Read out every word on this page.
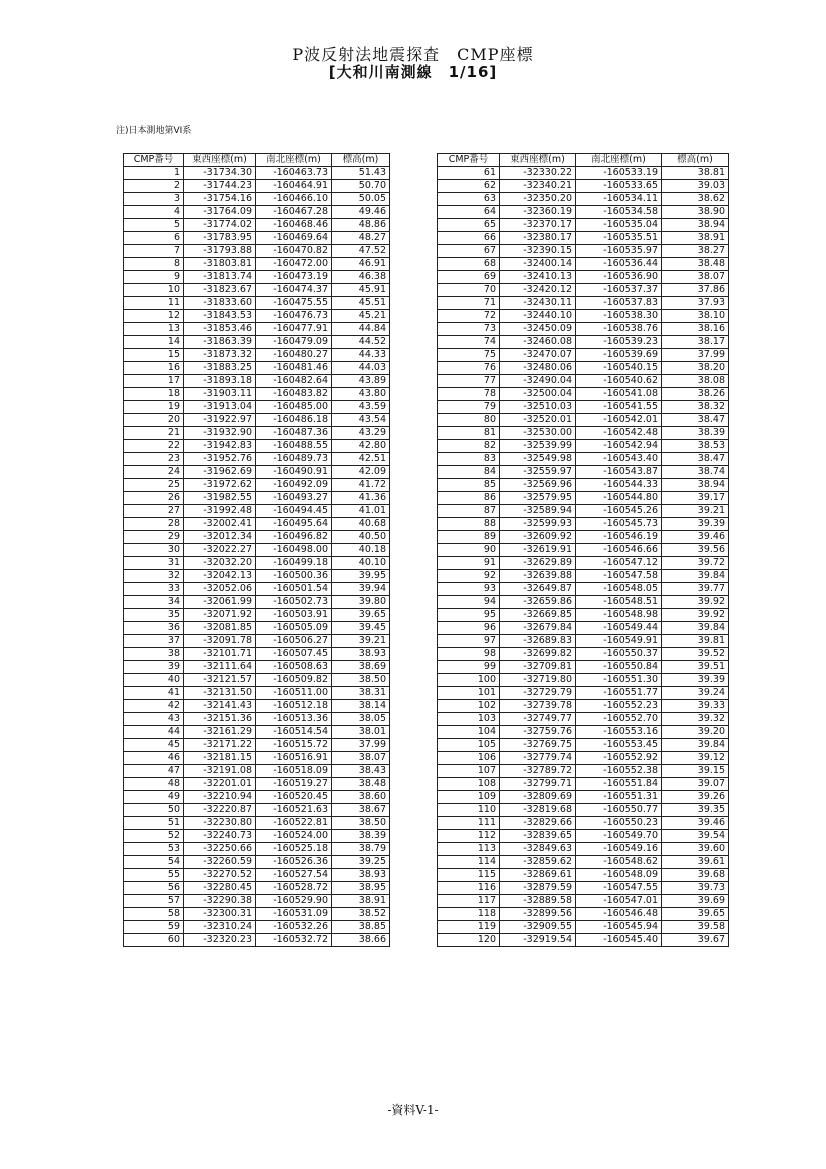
P波反射法地震探査　CMP座標
[大和川南測線　1/16]
注)日本測地第VI系
CMP番号	東西座標(m)	南北座標(m)	標高(m)
1	-31734.30	-160463.73	51.43
2	-31744.23	-160464.91	50.70
3	-31754.16	-160466.10	50.05
4	-31764.09	-160467.28	49.46
5	-31774.02	-160468.46	48.86
6	-31783.95	-160469.64	48.27
7	-31793.88	-160470.82	47.52
8	-31803.81	-160472.00	46.91
9	-31813.74	-160473.19	46.38
10	-31823.67	-160474.37	45.91
11	-31833.60	-160475.55	45.51
12	-31843.53	-160476.73	45.21
13	-31853.46	-160477.91	44.84
14	-31863.39	-160479.09	44.52
15	-31873.32	-160480.27	44.33
16	-31883.25	-160481.46	44.03
17	-31893.18	-160482.64	43.89
18	-31903.11	-160483.82	43.80
19	-31913.04	-160485.00	43.59
20	-31922.97	-160486.18	43.54
21	-31932.90	-160487.36	43.29
22	-31942.83	-160488.55	42.80
23	-31952.76	-160489.73	42.51
24	-31962.69	-160490.91	42.09
25	-31972.62	-160492.09	41.72
26	-31982.55	-160493.27	41.36
27	-31992.48	-160494.45	41.01
28	-32002.41	-160495.64	40.68
29	-32012.34	-160496.82	40.50
30	-32022.27	-160498.00	40.18
31	-32032.20	-160499.18	40.10
32	-32042.13	-160500.36	39.95
33	-32052.06	-160501.54	39.94
34	-32061.99	-160502.73	39.80
35	-32071.92	-160503.91	39.65
36	-32081.85	-160505.09	39.45
37	-32091.78	-160506.27	39.21
38	-32101.71	-160507.45	38.93
39	-32111.64	-160508.63	38.69
40	-32121.57	-160509.82	38.50
41	-32131.50	-160511.00	38.31
42	-32141.43	-160512.18	38.14
43	-32151.36	-160513.36	38.05
44	-32161.29	-160514.54	38.01
45	-32171.22	-160515.72	37.99
46	-32181.15	-160516.91	38.07
47	-32191.08	-160518.09	38.43
48	-32201.01	-160519.27	38.48
49	-32210.94	-160520.45	38.60
50	-32220.87	-160521.63	38.67
51	-32230.80	-160522.81	38.50
52	-32240.73	-160524.00	38.39
53	-32250.66	-160525.18	38.79
54	-32260.59	-160526.36	39.25
55	-32270.52	-160527.54	38.93
56	-32280.45	-160528.72	38.95
57	-32290.38	-160529.90	38.91
58	-32300.31	-160531.09	38.52
59	-32310.24	-160532.26	38.85
60	-32320.23	-160532.72	38.66
CMP番号	東西座標(m)	南北座標(m)	標高(m)
61	-32330.22	-160533.19	38.81
62	-32340.21	-160533.65	39.03
63	-32350.20	-160534.11	38.62
64	-32360.19	-160534.58	38.90
65	-32370.17	-160535.04	38.94
66	-32380.17	-160535.51	38.91
67	-32390.15	-160535.97	38.27
68	-32400.14	-160536.44	38.48
69	-32410.13	-160536.90	38.07
70	-32420.12	-160537.37	37.86
71	-32430.11	-160537.83	37.93
72	-32440.10	-160538.30	38.10
73	-32450.09	-160538.76	38.16
74	-32460.08	-160539.23	38.17
75	-32470.07	-160539.69	37.99
76	-32480.06	-160540.15	38.20
77	-32490.04	-160540.62	38.08
78	-32500.04	-160541.08	38.26
79	-32510.03	-160541.55	38.32
80	-32520.01	-160542.01	38.47
81	-32530.00	-160542.48	38.39
82	-32539.99	-160542.94	38.53
83	-32549.98	-160543.40	38.47
84	-32559.97	-160543.87	38.74
85	-32569.96	-160544.33	38.94
86	-32579.95	-160544.80	39.17
87	-32589.94	-160545.26	39.21
88	-32599.93	-160545.73	39.39
89	-32609.92	-160546.19	39.46
90	-32619.91	-160546.66	39.56
91	-32629.89	-160547.12	39.72
92	-32639.88	-160547.58	39.84
93	-32649.87	-160548.05	39.77
94	-32659.86	-160548.51	39.92
95	-32669.85	-160548.98	39.92
96	-32679.84	-160549.44	39.84
97	-32689.83	-160549.91	39.81
98	-32699.82	-160550.37	39.52
99	-32709.81	-160550.84	39.51
100	-32719.80	-160551.30	39.39
101	-32729.79	-160551.77	39.24
102	-32739.78	-160552.23	39.33
103	-32749.77	-160552.70	39.32
104	-32759.76	-160553.16	39.20
105	-32769.75	-160553.45	39.84
106	-32779.74	-160552.92	39.12
107	-32789.72	-160552.38	39.15
108	-32799.71	-160551.84	39.07
109	-32809.69	-160551.31	39.26
110	-32819.68	-160550.77	39.35
111	-32829.66	-160550.23	39.46
112	-32839.65	-160549.70	39.54
113	-32849.63	-160549.16	39.60
114	-32859.62	-160548.62	39.61
115	-32869.61	-160548.09	39.68
116	-32879.59	-160547.55	39.73
117	-32889.58	-160547.01	39.69
118	-32899.56	-160546.48	39.65
119	-32909.55	-160545.94	39.58
120	-32919.54	-160545.40	39.67
-資料V-1-
